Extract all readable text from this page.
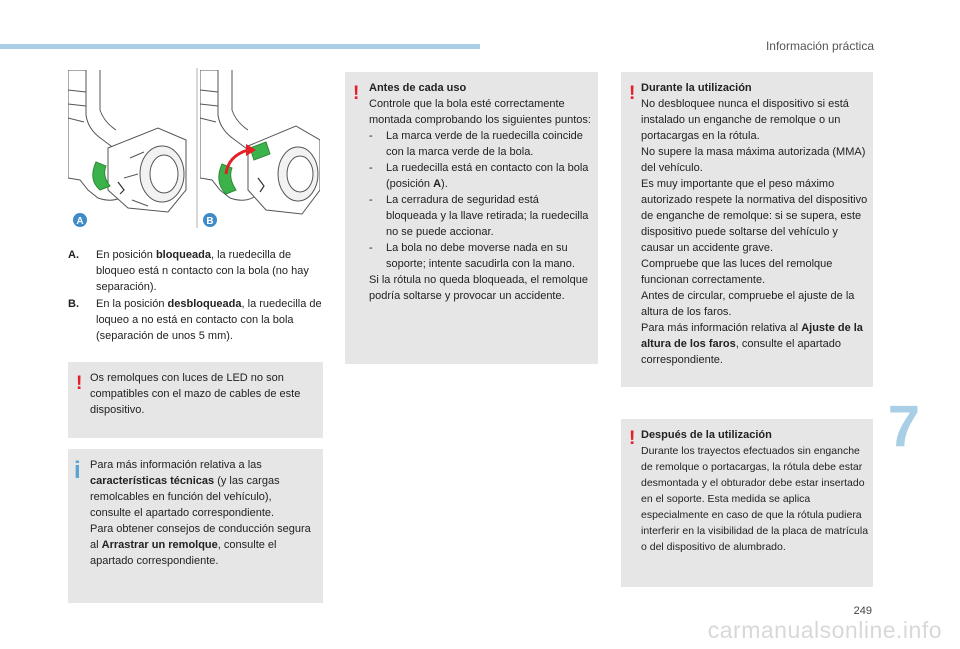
Información práctica
7
249
carmanualsonline.info
A	B
A.	En posición bloqueada, la ruedecilla de bloqueo está n contacto con la bola (no hay separación).
B.	En la posición desbloqueada, la ruedecilla de loqueo a no está en contacto con la bola (separación de unos 5 mm).
! Os remolques con luces de LED no son compatibles con el mazo de cables de este dispositivo.

i Para más información relativa a las características técnicas (y las cargas remolcables en función del vehículo), consulte el apartado correspondiente.

Para obtener consejos de conducción segura al Arrastrar un remolque, consulte el apartado correspondiente.

! Antes de cada uso

Controle que la bola esté correctamente montada comprobando los siguientes puntos:

- La marca verde de la ruedecilla coincide con la marca verde de la bola.
- La ruedecilla está en contacto con la bola (posición A).
- La cerradura de seguridad está bloqueada y la llave retirada; la ruedecilla no se puede accionar.
- La bola no debe moverse nada en su soporte; intente sacudirla con la mano.

Si la rótula no queda bloqueada, el remolque podría soltarse y provocar un accidente.

! Durante la utilización

No desbloquee nunca el dispositivo si está instalado un enganche de remolque o un portacargas en la rótula.

No supere la masa máxima autorizada (MMA) del vehículo.

Es muy importante que el peso máximo autorizado respete la normativa del dispositivo de enganche de remolque: si se supera, este dispositivo puede soltarse del vehículo y causar un accidente grave.

Compruebe que las luces del remolque funcionan correctamente.

Antes de circular, compruebe el ajuste de la altura de los faros.

Para más información relativa al Ajuste de la altura de los faros, consulte el apartado correspondiente.

! Después de la utilización

Durante los trayectos efectuados sin enganche de remolque o portacargas, la rótula debe estar desmontada y el obturador debe estar insertado en el soporte. Esta medida se aplica especialmente en caso de que la rótula pudiera interferir en la visibilidad de la placa de matrícula o del dispositivo de alumbrado.
